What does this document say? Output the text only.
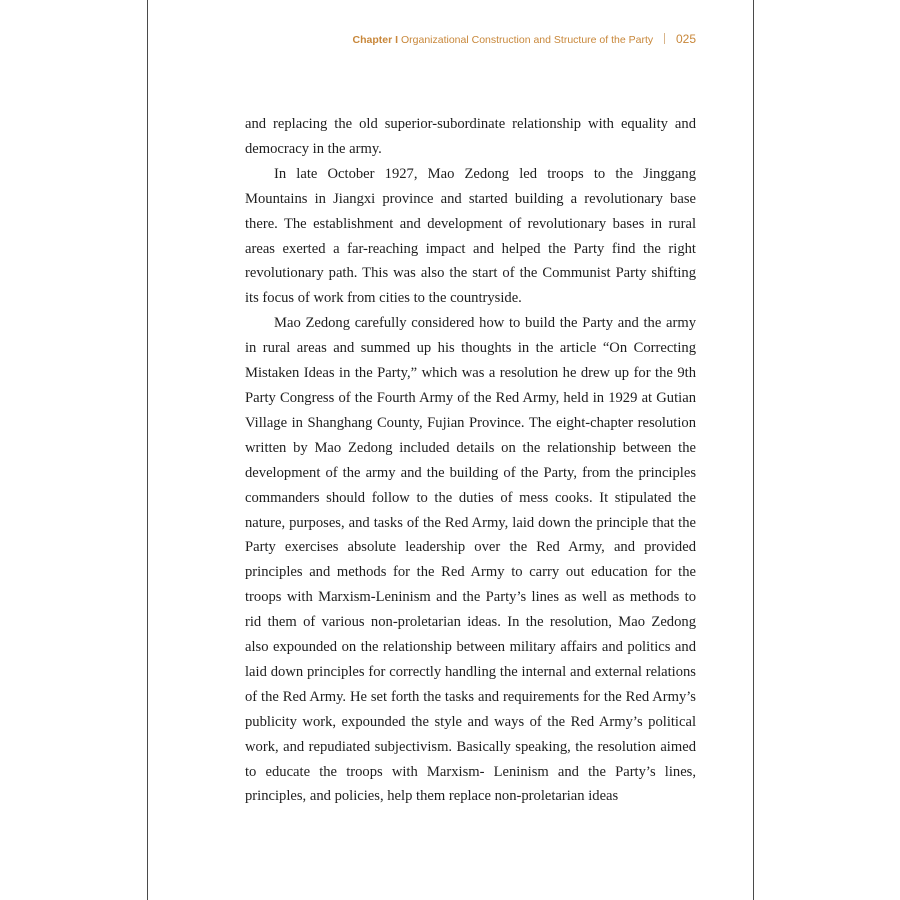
Chapter I Organizational Construction and Structure of the Party 025

and replacing the old superior-subordinate relationship with equality and democracy in the army.

In late October 1927, Mao Zedong led troops to the Jinggang Mountains in Jiangxi province and started building a revolutionary base there. The establishment and development of revolutionary bases in rural areas exerted a far-reaching impact and helped the Party find the right revolutionary path. This was also the start of the Communist Party shifting its focus of work from cities to the countryside.

Mao Zedong carefully considered how to build the Party and the army in rural areas and summed up his thoughts in the article “On Correcting Mistaken Ideas in the Party,” which was a resolution he drew up for the 9th Party Congress of the Fourth Army of the Red Army, held in 1929 at Gutian Village in Shanghang County, Fujian Province. The eight-chapter resolution written by Mao Zedong included details on the relationship between the development of the army and the building of the Party, from the principles commanders should follow to the duties of mess cooks. It stipulated the nature, purposes, and tasks of the Red Army, laid down the principle that the Party exercises absolute leadership over the Red Army, and provided principles and methods for the Red Army to carry out education for the troops with Marxism-Leninism and the Party’s lines as well as methods to rid them of various non-proletarian ideas. In the resolution, Mao Zedong also expounded on the relationship between military affairs and politics and laid down principles for correctly handling the internal and external relations of the Red Army. He set forth the tasks and requirements for the Red Army’s publicity work, expounded the style and ways of the Red Army’s political work, and repudiated subjectivism. Basically speaking, the resolution aimed to educate the troops with Marxism- Leninism and the Party’s lines, principles, and policies, help them replace non-proletarian ideas
